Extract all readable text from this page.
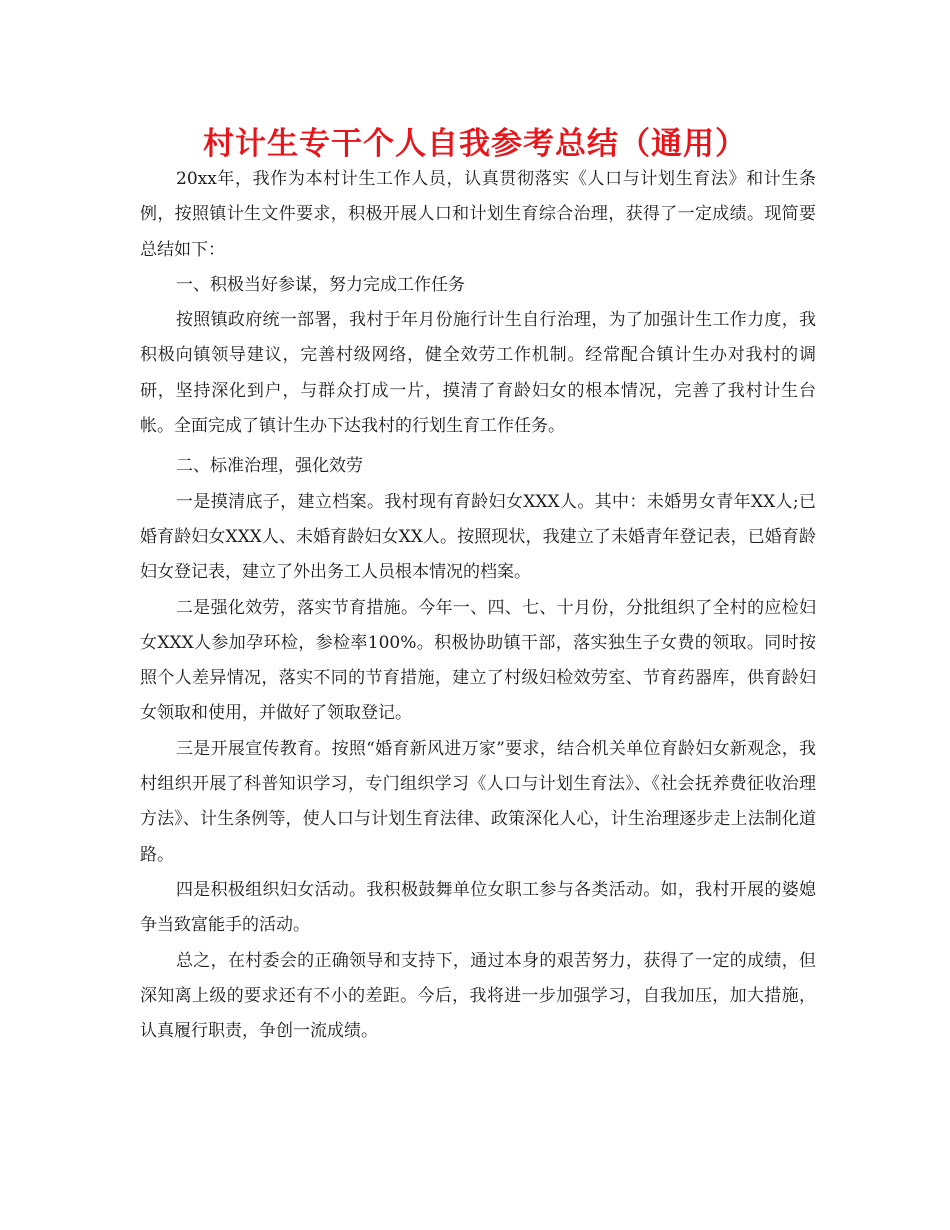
村计生专干个人自我参考总结（通用）

20xx年，我作为本村计生工作人员，认真贯彻落实《人口与计划生育法》和计生条例，按照镇计生文件要求，积极开展人口和计划生育综合治理，获得了一定成绩。现简要总结如下：

一、积极当好参谋，努力完成工作任务

按照镇政府统一部署，我村于年月份施行计生自行治理，为了加强计生工作力度，我积极向镇领导建议，完善村级网络，健全效劳工作机制。经常配合镇计生办对我村的调研，坚持深化到户，与群众打成一片，摸清了育龄妇女的根本情况，完善了我村计生台帐。全面完成了镇计生办下达我村的行划生育工作任务。

二、标准治理，强化效劳

一是摸清底子，建立档案。我村现有育龄妇女XXX人。其中：未婚男女青年XX人;已婚育龄妇女XXX人、未婚育龄妇女XX人。按照现状，我建立了未婚青年登记表，已婚育龄妇女登记表，建立了外出务工人员根本情况的档案。

二是强化效劳，落实节育措施。今年一、四、七、十月份，分批组织了全村的应检妇女XXX人参加孕环检，参检率100%。积极协助镇干部，落实独生子女费的领取。同时按照个人差异情况，落实不同的节育措施，建立了村级妇检效劳室、节育药器库，供育龄妇女领取和使用，并做好了领取登记。

三是开展宣传教育。按照“婚育新风进万家”要求，结合机关单位育龄妇女新观念，我村组织开展了科普知识学习，专门组织学习《人口与计划生育法》、《社会抚养费征收治理方法》、计生条例等，使人口与计划生育法律、政策深化人心，计生治理逐步走上法制化道路。

四是积极组织妇女活动。我积极鼓舞单位女职工参与各类活动。如，我村开展的婆媳争当致富能手的活动。

总之，在村委会的正确领导和支持下，通过本身的艰苦努力，获得了一定的成绩，但深知离上级的要求还有不小的差距。今后，我将进一步加强学习，自我加压，加大措施，认真履行职责，争创一流成绩。
